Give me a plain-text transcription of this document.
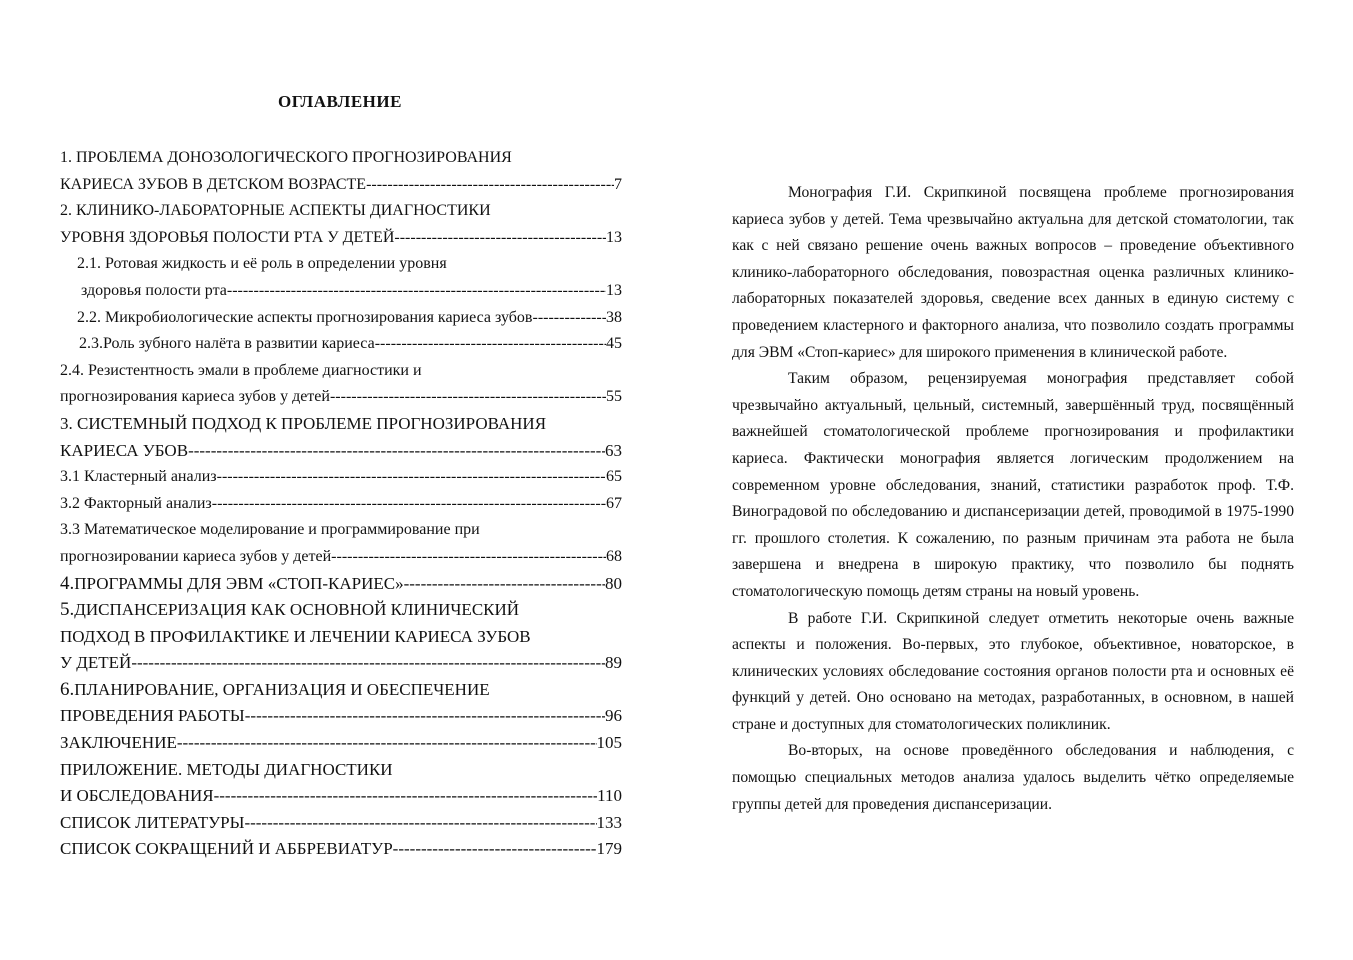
ОГЛАВЛЕНИЕ
1. ПРОБЛЕМА ДОНОЗОЛОГИЧЕСКОГО ПРОГНОЗИРОВАНИЯ
КАРИЕСА ЗУБОВ В ДЕТСКОМ ВОЗРАСТЕ -----	7
2. КЛИНИКО-ЛАБОРАТОРНЫЕ АСПЕКТЫ ДИАГНОСТИКИ
УРОВНЯ ЗДОРОВЬЯ ПОЛОСТИ РТА У ДЕТЕЙ -----	13
2.1. Ротовая жидкость и её роль в определении уровня
здоровья полости рта -----	13
2.2. Микробиологические аспекты прогнозирования кариеса зубов -----	38
2.3.Роль зубного налёта в развитии кариеса -----	45
2.4. Резистентность эмали в проблеме диагностики и
прогнозирования кариеса зубов у детей -----	55
3. СИСТЕМНЫЙ ПОДХОД К ПРОБЛЕМЕ ПРОГНОЗИРОВАНИЯ
КАРИЕСА УБОВ -----	63
3.1 Кластерный анализ -----	65
3.2 Факторный анализ -----	67
3.3 Математическое моделирование и программирование при
прогнозировании кариеса зубов у детей -----	68
4. ПРОГРАММЫ ДЛЯ ЭВМ «СТОП-КАРИЕС» -----	80
5.ДИСПАНСЕРИЗАЦИЯ КАК ОСНОВНОЙ КЛИНИЧЕСКИЙ
ПОДХОД В ПРОФИЛАКТИКЕ И ЛЕЧЕНИИ КАРИЕСА ЗУБОВ
У ДЕТЕЙ -----	89
6.ПЛАНИРОВАНИЕ, ОРГАНИЗАЦИЯ И ОБЕСПЕЧЕНИЕ
ПРОВЕДЕНИЯ РАБОТЫ -----	96
ЗАКЛЮЧЕНИЕ -----	105
ПРИЛОЖЕНИЕ. МЕТОДЫ ДИАГНОСТИКИ
И ОБСЛЕДОВАНИЯ -----	110
СПИСОК ЛИТЕРАТУРЫ -----	133
СПИСОК СОКРАЩЕНИЙ И АББРЕВИАТУР -----	179

Монография Г.И. Скрипкиной посвящена проблеме прогнозирования кариеса зубов у детей. Тема чрезвычайно актуальна для детской стоматологии, так как с ней связано решение очень важных вопросов – проведение объективного клинико-лабораторного обследования, повозрастная оценка различных клинико-лабораторных показателей здоровья, сведение всех данных в единую систему с проведением кластерного и факторного анализа, что позволило создать программы для ЭВМ «Стоп-кариес» для широкого применения в клинической работе.

Таким образом, рецензируемая монография представляет собой чрезвычайно актуальный, цельный, системный, завершённый труд, посвящённый важнейшей стоматологической проблеме прогнозирования и профилактики кариеса. Фактически монография является логическим продолжением на современном уровне обследования, знаний, статистики разработок проф. Т.Ф. Виноградовой по обследованию и диспансеризации детей, проводимой в 1975-1990 гг. прошлого столетия. К сожалению, по разным причинам эта работа не была завершена и внедрена в широкую практику, что позволило бы поднять стоматологическую помощь детям страны на новый уровень.

В работе Г.И. Скрипкиной следует отметить некоторые очень важные аспекты и положения. Во-первых, это глубокое, объективное, новаторское, в клинических условиях обследование состояния органов полости рта и основных её функций у детей. Оно основано на методах, разработанных, в основном, в нашей стране и доступных для стоматологических поликлиник.

Во-вторых, на основе проведённого обследования и наблюдения, с помощью специальных методов анализа удалось выделить чётко определяемые группы детей для проведения диспансеризации.
